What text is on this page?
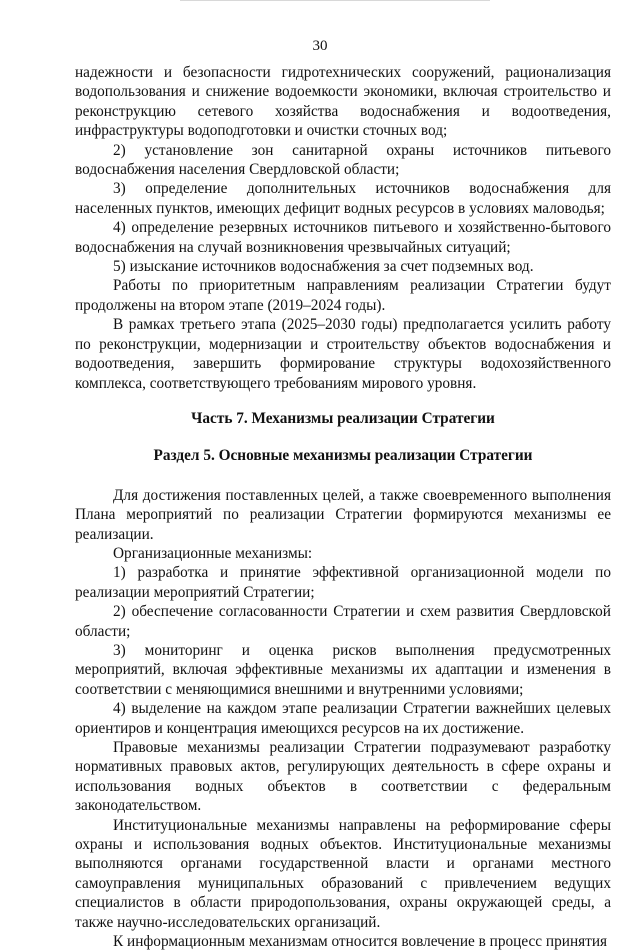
30

надежности и безопасности гидротехнических сооружений, рационализация водопользования и снижение водоемкости экономики, включая строительство и реконструкцию сетевого хозяйства водоснабжения и водоотведения, инфраструктуры водоподготовки и очистки сточных вод;

2) установление зон санитарной охраны источников питьевого водоснабжения населения Свердловской области;

3) определение дополнительных источников водоснабжения для населенных пунктов, имеющих дефицит водных ресурсов в условиях маловодья;

4) определение резервных источников питьевого и хозяйственно-бытового водоснабжения на случай возникновения чрезвычайных ситуаций;

5) изыскание источников водоснабжения за счет подземных вод.

Работы по приоритетным направлениям реализации Стратегии будут продолжены на втором этапе (2019–2024 годы).

В рамках третьего этапа (2025–2030 годы) предполагается усилить работу по реконструкции, модернизации и строительству объектов водоснабжения и водоотведения, завершить формирование структуры водохозяйственного комплекса, соответствующего требованиям мирового уровня.

Часть 7. Механизмы реализации Стратегии
Раздел 5. Основные механизмы реализации Стратегии

Для достижения поставленных целей, а также своевременного выполнения Плана мероприятий по реализации Стратегии формируются механизмы ее реализации.

Организационные механизмы:

1) разработка и принятие эффективной организационной модели по реализации мероприятий Стратегии;

2) обеспечение согласованности Стратегии и схем развития Свердловской области;

3) мониторинг и оценка рисков выполнения предусмотренных мероприятий, включая эффективные механизмы их адаптации и изменения в соответствии с меняющимися внешними и внутренними условиями;

4) выделение на каждом этапе реализации Стратегии важнейших целевых ориентиров и концентрация имеющихся ресурсов на их достижение.

Правовые механизмы реализации Стратегии подразумевают разработку нормативных правовых актов, регулирующих деятельность в сфере охраны и использования водных объектов в соответствии с федеральным законодательством.

Институциональные механизмы направлены на реформирование сферы охраны и использования водных объектов. Институциональные механизмы выполняются органами государственной власти и органами местного самоуправления муниципальных образований с привлечением ведущих специалистов в области природопользования, охраны окружающей среды, а также научно-исследовательских организаций.

К информационным механизмам относится вовлечение в процесс принятия
